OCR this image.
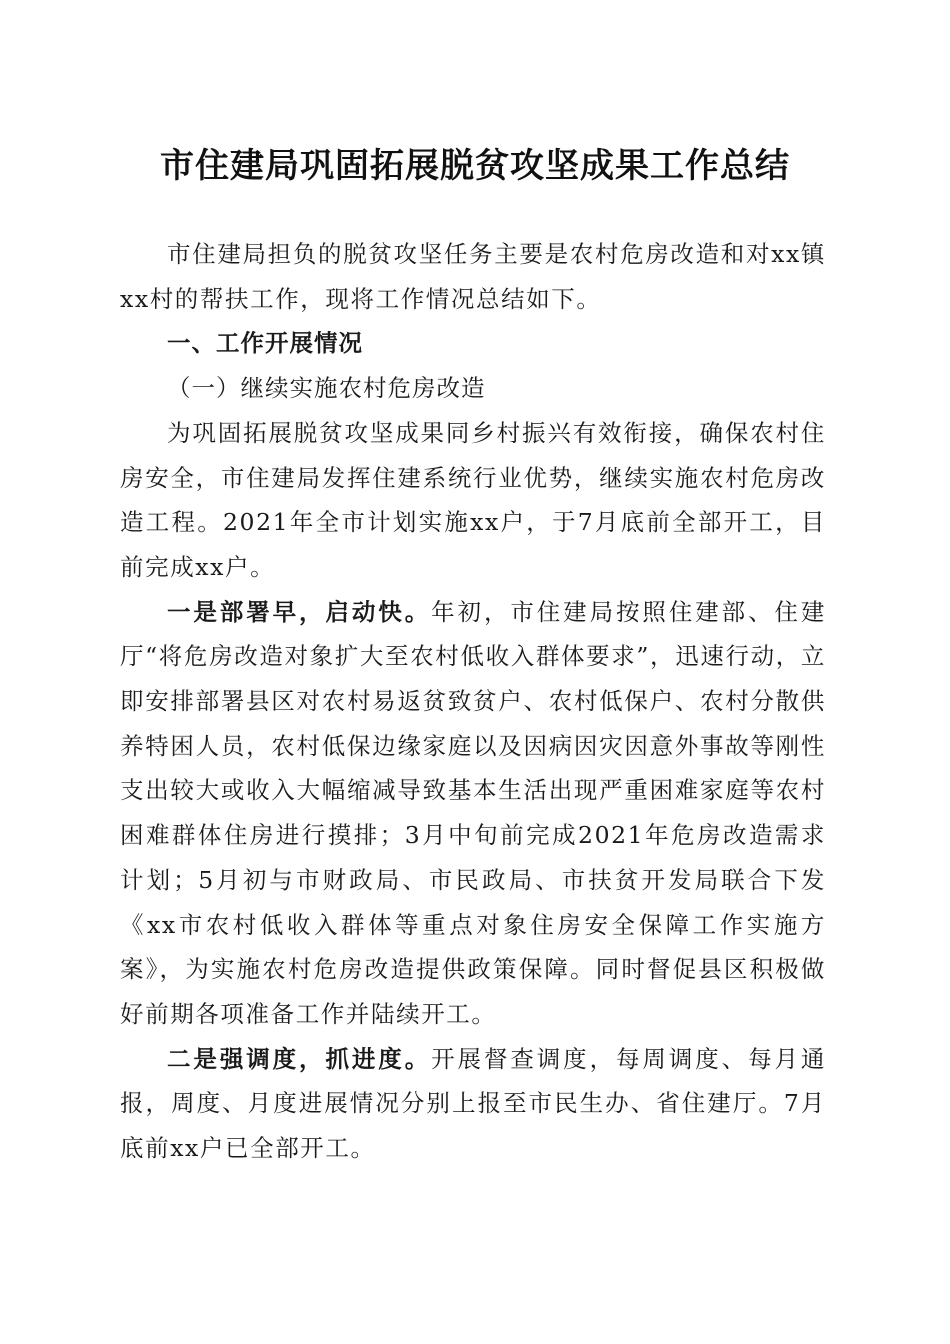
市住建局巩固拓展脱贫攻坚成果工作总结

市住建局担负的脱贫攻坚任务主要是农村危房改造和对xx镇xx村的帮扶工作，现将工作情况总结如下。

一、工作开展情况

（一）继续实施农村危房改造

为巩固拓展脱贫攻坚成果同乡村振兴有效衔接，确保农村住房安全，市住建局发挥住建系统行业优势，继续实施农村危房改造工程。2021年全市计划实施xx户，于7月底前全部开工，目前完成xx户。

一是部署早，启动快。年初，市住建局按照住建部、住建厅“将危房改造对象扩大至农村低收入群体要求”，迅速行动，立即安排部署县区对农村易返贫致贫户、农村低保户、农村分散供养特困人员，农村低保边缘家庭以及因病因灾因意外事故等刚性支出较大或收入大幅缩减导致基本生活出现严重困难家庭等农村困难群体住房进行摸排；3月中旬前完成2021年危房改造需求计划；5月初与市财政局、市民政局、市扶贫开发局联合下发《xx市农村低收入群体等重点对象住房安全保障工作实施方案》，为实施农村危房改造提供政策保障。同时督促县区积极做好前期各项准备工作并陆续开工。

二是强调度，抓进度。开展督查调度，每周调度、每月通报，周度、月度进展情况分别上报至市民生办、省住建厅。7月底前xx户已全部开工。
